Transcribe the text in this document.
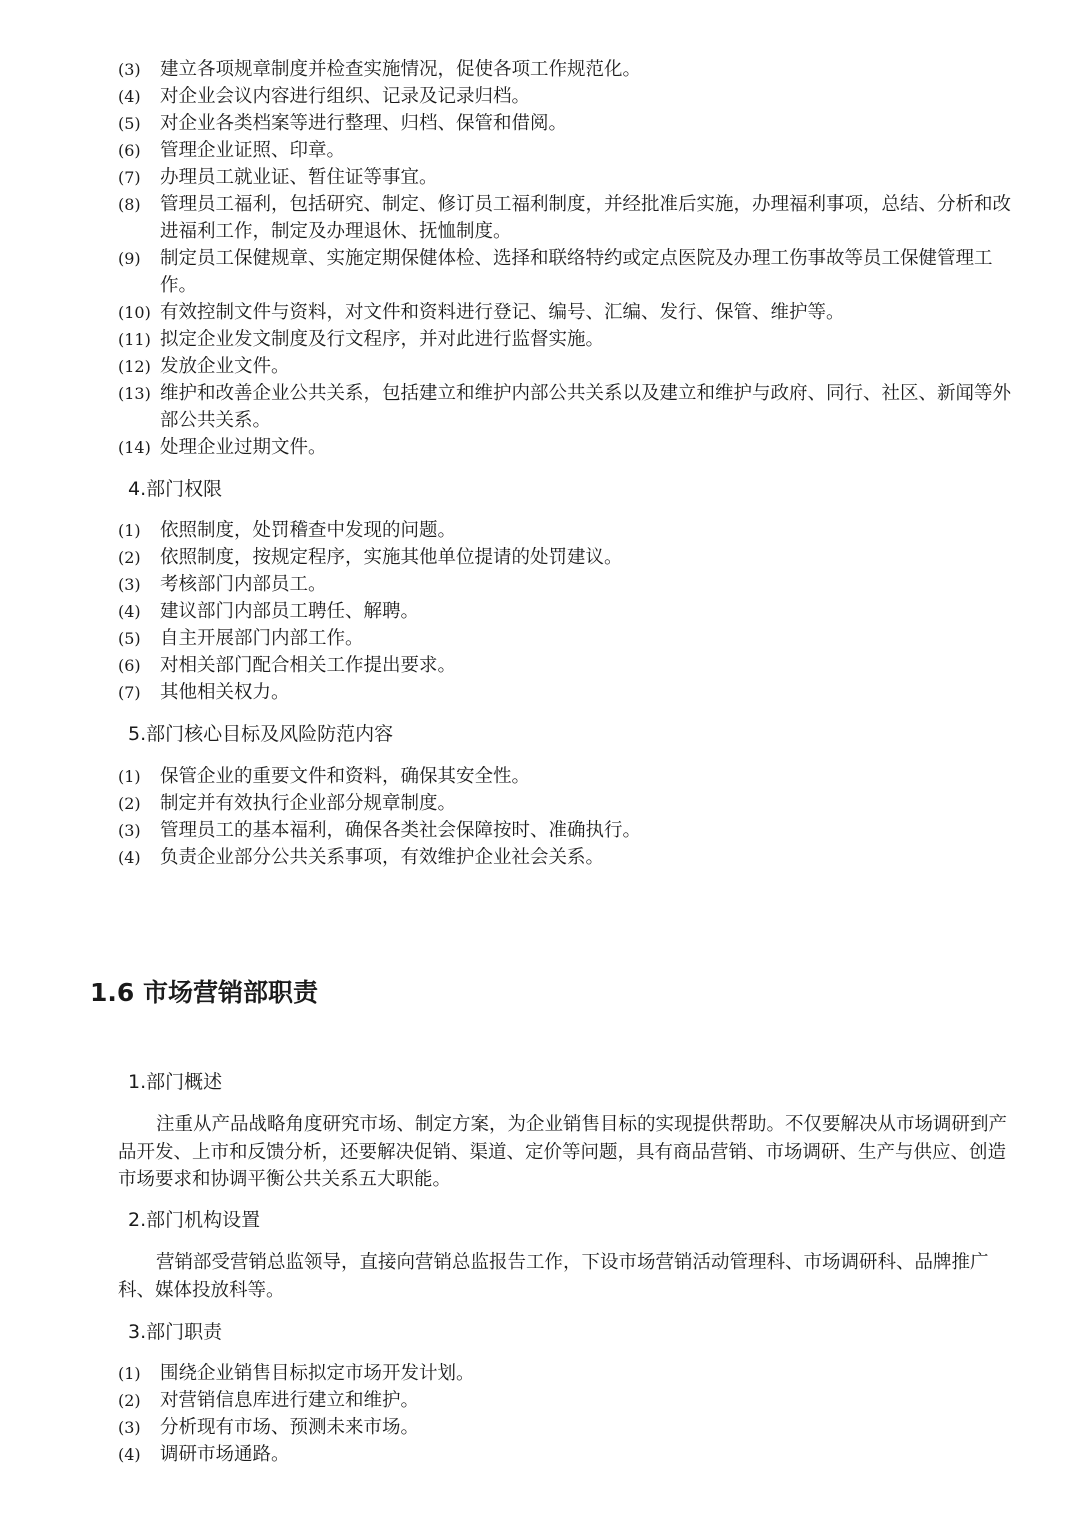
(3)	建立各项规章制度并检查实施情况，促使各项工作规范化。
(4)	对企业会议内容进行组织、记录及记录归档。
(5)	对企业各类档案等进行整理、归档、保管和借阅。
(6)	管理企业证照、印章。
(7)	办理员工就业证、暂住证等事宜。
(8)	管理员工福利，包括研究、制定、修订员工福利制度，并经批准后实施，办理福利事项，总结、分析和改进福利工作，制定及办理退休、抚恤制度。
(9)	制定员工保健规章、实施定期保健体检、选择和联络特约或定点医院及办理工伤事故等员工保健管理工作。
(10) 有效控制文件与资料，对文件和资料进行登记、编号、汇编、发行、保管、维护等。
(11) 拟定企业发文制度及行文程序，并对此进行监督实施。
(12) 发放企业文件。
(13) 维护和改善企业公共关系，包括建立和维护内部公共关系以及建立和维护与政府、同行、社区、新闻等外部公共关系。
(14) 处理企业过期文件。
4.部门权限
(1)	依照制度，处罚稽查中发现的问题。
(2)	依照制度，按规定程序，实施其他单位提请的处罚建议。
(3)	考核部门内部员工。
(4)	建议部门内部员工聘任、解聘。
(5)	自主开展部门内部工作。
(6)	对相关部门配合相关工作提出要求。
(7)	其他相关权力。
5.部门核心目标及风险防范内容
(1)	保管企业的重要文件和资料，确保其安全性。
(2)	制定并有效执行企业部分规章制度。
(3)	管理员工的基本福利，确保各类社会保障按时、准确执行。
(4)	负责企业部分公共关系事项，有效维护企业社会关系。
1.6 市场营销部职责
1.部门概述

注重从产品战略角度研究市场、制定方案，为企业销售目标的实现提供帮助。不仅要解决从市场调研到产品开发、上市和反馈分析，还要解决促销、渠道、定价等问题，具有商品营销、市场调研、生产与供应、创造市场要求和协调平衡公共关系五大职能。

2.部门机构设置

营销部受营销总监领导，直接向营销总监报告工作，下设市场营销活动管理科、市场调研科、品牌推广科、媒体投放科等。

3.部门职责
(1)	围绕企业销售目标拟定市场开发计划。
(2)	对营销信息库进行建立和维护。
(3)	分析现有市场、预测未来市场。
(4)	调研市场通路。
